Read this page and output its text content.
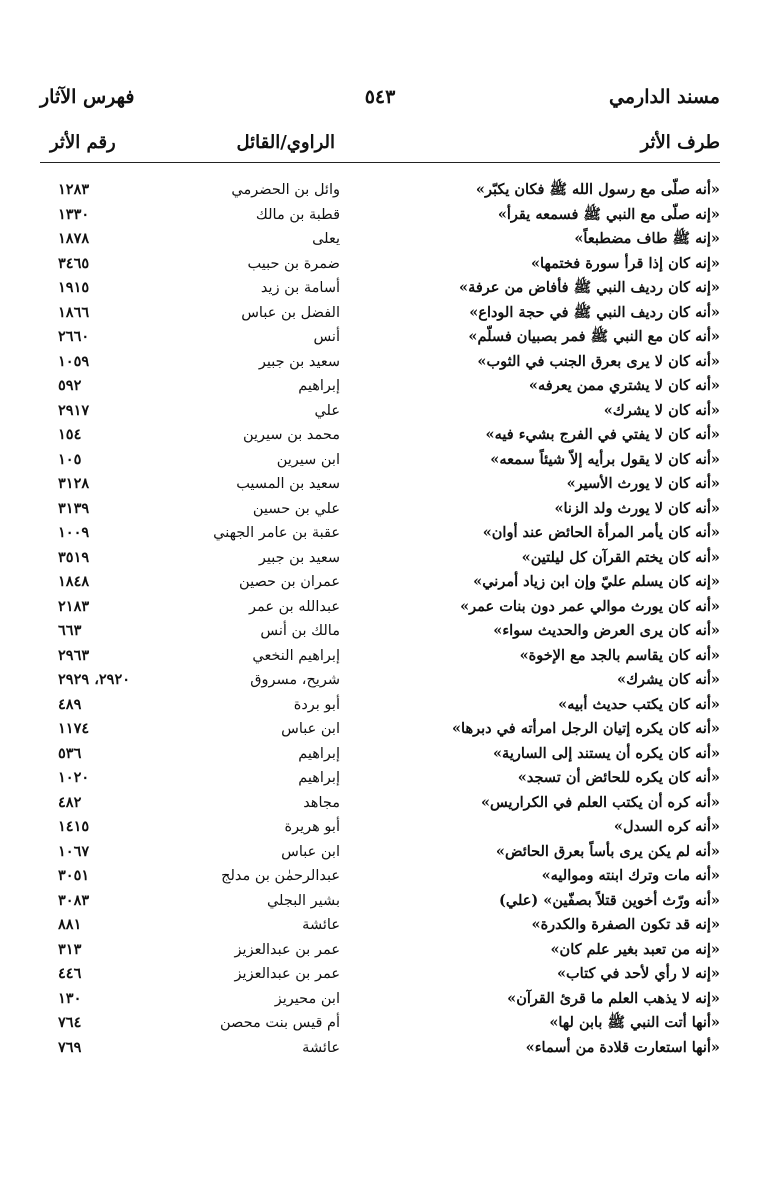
مسند الدارمي
٥٤٣
فهرس الآثار
طرف الأثر
الراوي/القائل
رقم الأثر
«أنه صلّى مع رسول الله ﷺ فكان يكبّر»
وائل بن الحضرمي
١٢٨٣
«إنه صلّى مع النبي ﷺ فسمعه يقرأ»
قطبة بن مالك
١٣٣٠
«إنه ﷺ طاف مضطبعاً»
يعلى
١٨٧٨
«إنه كان إذا قرأ سورة فختمها»
ضمرة بن حبيب
٣٤٦٥
«إنه كان رديف النبي ﷺ فأفاض من عرفة»
أسامة بن زيد
١٩١٥
«أنه كان رديف النبي ﷺ في حجة الوداع»
الفضل بن عباس
١٨٦٦
«أنه كان مع النبي ﷺ فمر بصبيان فسلّم»
أنس
٢٦٦٠
«أنه كان لا يرى بعرق الجنب في الثوب»
سعيد بن جبير
١٠٥٩
«أنه كان لا يشتري ممن يعرفه»
إبراهيم
٥٩٢
«أنه كان لا يشرك»
علي
٢٩١٧
«أنه كان لا يفتي في الفرج بشيء فيه»
محمد بن سيرين
١٥٤
«أنه كان لا يقول برأيه إلاّ شيئاً سمعه»
ابن سيرين
١٠٥
«أنه كان لا يورث الأسير»
سعيد بن المسيب
٣١٢٨
«أنه كان لا يورث ولد الزنا»
علي بن حسين
٣١٣٩
«أنه كان يأمر المرأة الحائض عند أوان»
عقبة بن عامر الجهني
١٠٠٩
«أنه كان يختم القرآن كل ليلتين»
سعيد بن جبير
٣٥١٩
«إنه كان يسلم عليّ وإن ابن زياد أمرني»
عمران بن حصين
١٨٤٨
«أنه كان يورث موالي عمر دون بنات عمر»
عبدالله بن عمر
٢١٨٣
«أنه كان يرى العرض والحديث سواء»
مالك بن أنس
٦٦٣
«أنه كان يقاسم بالجد مع الإخوة»
إبراهيم النخعي
٢٩٦٣
«أنه كان يشرك»
شريح، مسروق
٢٩٢٠، ٢٩٢٩
«أنه كان يكتب حديث أبيه»
أبو بردة
٤٨٩
«أنه كان يكره إتيان الرجل امرأته في دبرها»
ابن عباس
١١٧٤
«أنه كان يكره أن يستند إلى السارية»
إبراهيم
٥٣٦
«أنه كان يكره للحائض أن تسجد»
إبراهيم
١٠٢٠
«أنه كره أن يكتب العلم في الكراريس»
مجاهد
٤٨٢
«أنه كره السدل»
أبو هريرة
١٤١٥
«أنه لم يكن يرى بأساً بعرق الحائض»
ابن عباس
١٠٦٧
«أنه مات وترك ابنته ومواليه»
عبدالرحمٰن بن مدلج
٣٠٥١
«أنه ورّث أخوين قتلاً بصفّين» (علي)
بشير البجلي
٣٠٨٣
«إنه قد تكون الصفرة والكدرة»
عائشة
٨٨١
«إنه من تعبد بغير علم كان»
عمر بن عبدالعزيز
٣١٣
«إنه لا رأي لأحد في كتاب»
عمر بن عبدالعزيز
٤٤٦
«إنه لا يذهب العلم ما قرئ القرآن»
ابن محيريز
١٣٠
«أنها أتت النبي ﷺ بابن لها»
أم قيس بنت محصن
٧٦٤
«أنها استعارت قلادة من أسماء»
عائشة
٧٦٩
